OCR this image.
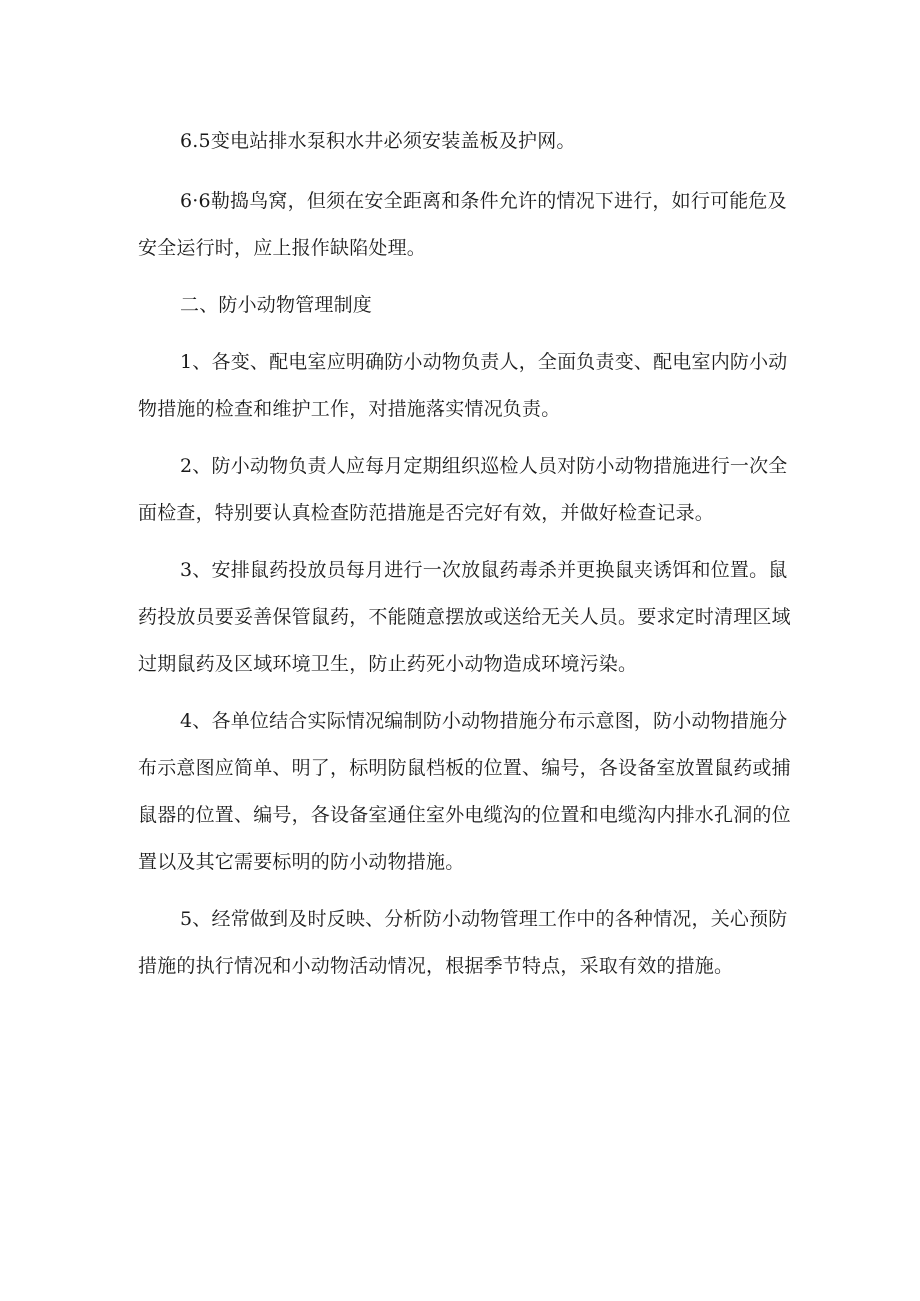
6.5变电站排水泵积水井必须安装盖板及护网。

6·6勒捣鸟窝，但须在安全距离和条件允许的情况下进行，如行可能危及安全运行时，应上报作缺陷处理。

二、防小动物管理制度

1、各变、配电室应明确防小动物负责人，全面负责变、配电室内防小动物措施的检查和维护工作，对措施落实情况负责。

2、防小动物负责人应每月定期组织巡检人员对防小动物措施进行一次全面检查，特别要认真检查防范措施是否完好有效，并做好检查记录。

3、安排鼠药投放员每月进行一次放鼠药毒杀并更换鼠夹诱饵和位置。鼠药投放员要妥善保管鼠药，不能随意摆放或送给无关人员。要求定时清理区域过期鼠药及区域环境卫生，防止药死小动物造成环境污染。

4、各单位结合实际情况编制防小动物措施分布示意图，防小动物措施分布示意图应简单、明了，标明防鼠档板的位置、编号，各设备室放置鼠药或捕鼠器的位置、编号，各设备室通住室外电缆沟的位置和电缆沟内排水孔洞的位置以及其它需要标明的防小动物措施。

5、经常做到及时反映、分析防小动物管理工作中的各种情况，关心预防措施的执行情况和小动物活动情况，根据季节特点，采取有效的措施。
